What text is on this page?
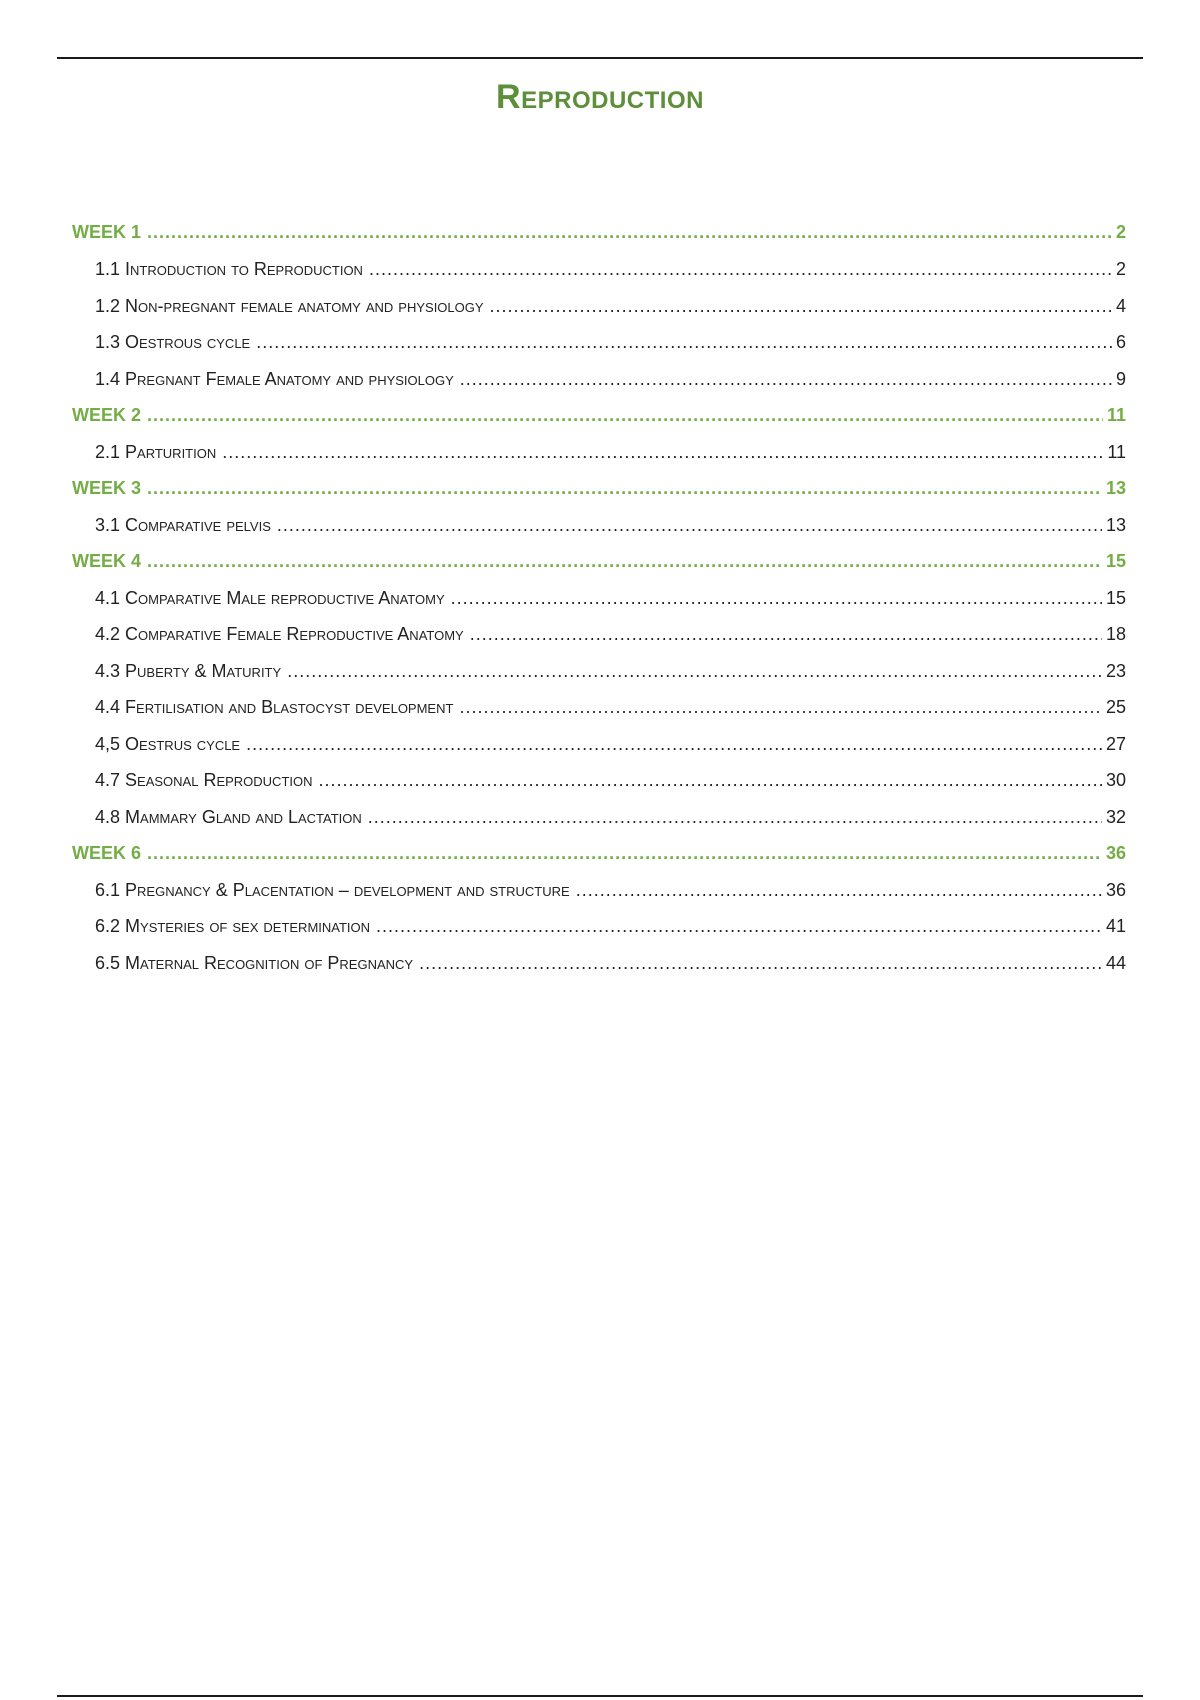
Reproduction
WEEK 1 .....	2
1.1 Introduction to Reproduction .....	2
1.2 Non-pregnant female anatomy and physiology .....	4
1.3 Oestrous cycle .....	6
1.4 Pregnant Female Anatomy and physiology .....	9
WEEK 2 .....	11
2.1 Parturition .....	11
WEEK 3 .....	13
3.1 Comparative pelvis .....	13
WEEK 4 .....	15
4.1 Comparative Male reproductive Anatomy .....	15
4.2 Comparative Female Reproductive Anatomy .....	18
4.3 Puberty & Maturity .....	23
4.4 Fertilisation and Blastocyst development .....	25
4,5 Oestrus cycle .....	27
4.7 Seasonal Reproduction .....	30
4.8 Mammary Gland and Lactation .....	32
WEEK 6 .....	36
6.1 Pregnancy & Placentation – development and structure .....	36
6.2 Mysteries of sex determination .....	41
6.5 Maternal Recognition of Pregnancy .....	44
